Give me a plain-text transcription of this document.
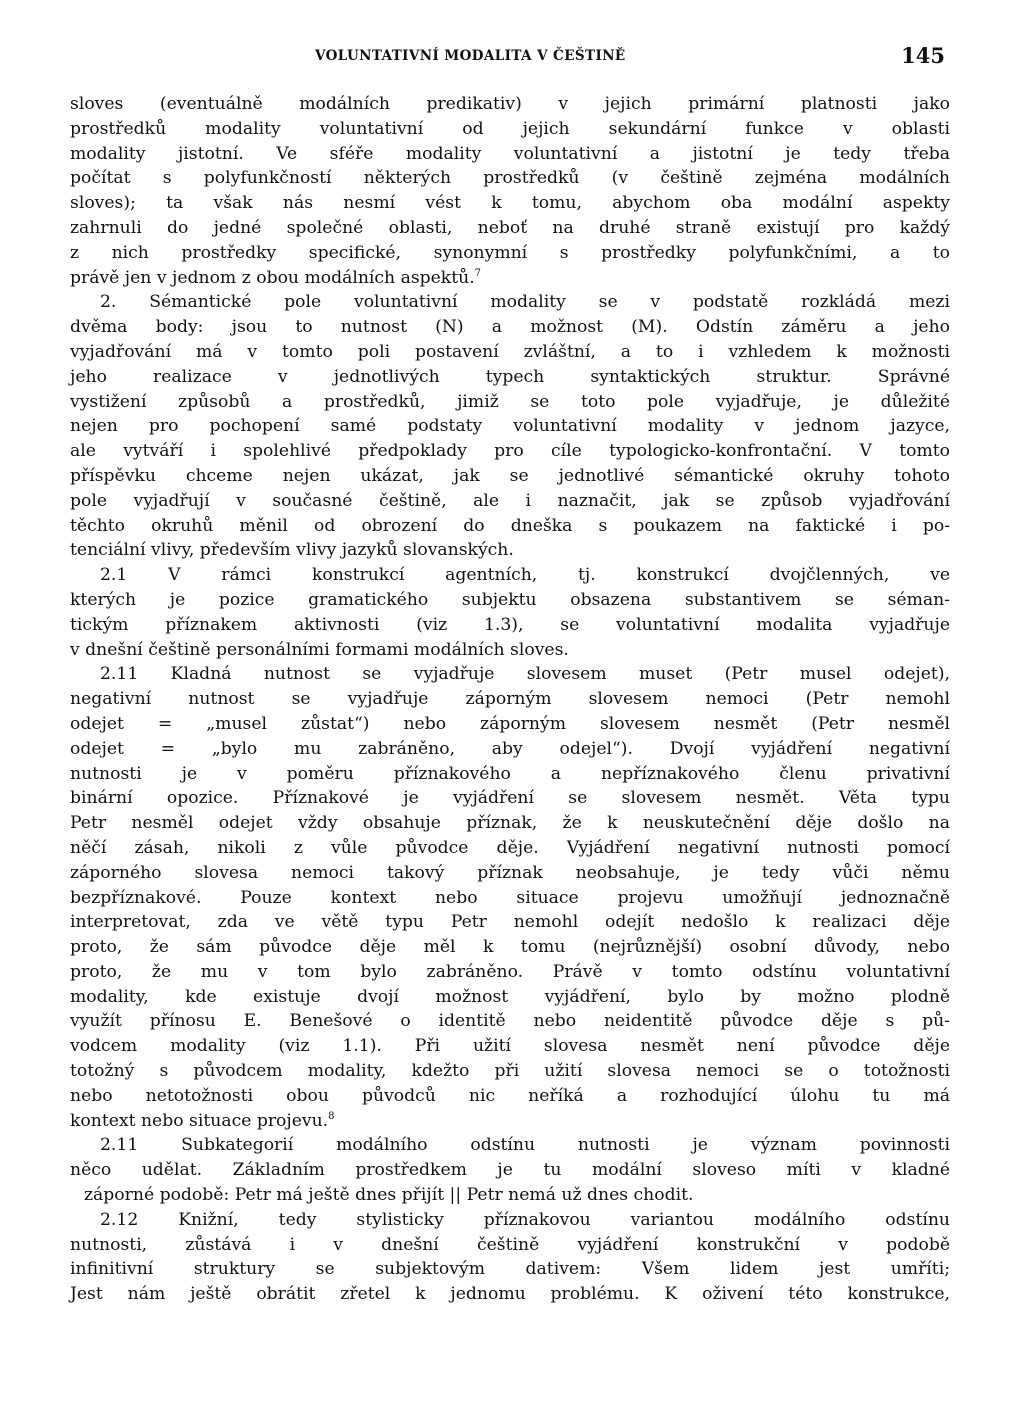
VOLUNTATIVNÍ MODALITA V ČEŠTINĚ	145
sloves (eventuálně modálních predikativ) v jejich primární platnosti jako
prostředků modality voluntativní od jejich sekundární funkce v oblasti
modality jistotní. Ve sféře modality voluntativní a jistotní je tedy třeba
počítat s polyfunkčností některých prostředků (v češtině zejména modálních
sloves); ta však nás nesmí vést k tomu, abychom oba modální aspekty
zahrnuli do jedné společné oblasti, neboť na druhé straně existují pro každý
z nich prostředky specifické, synonymní s prostředky polyfunkčními, a to
právě jen v jednom z obou modálních aspektů.$^7$
2. Sémantické pole voluntativní modality se v podstatě rozkládá mezi
dvěma body: jsou to nutnost (N) a možnost (M). Odstín záměru a jeho
vyjadřování má v tomto poli postavení zvláštní, a to i vzhledem k možnosti
jeho realizace v jednotlivých typech syntaktických struktur. Správné
vystižení způsobů a prostředků, jimiž se toto pole vyjadřuje, je důležité
nejen pro pochopení samé podstaty voluntativní modality v jednom jazyce,
ale vytváří i spolehlivé předpoklady pro cíle typologicko-konfrontační. V tomto
příspěvku chceme nejen ukázat, jak se jednotlivé sémantické okruhy tohoto
pole vyjadřují v současné češtině, ale i naznačit, jak se způsob vyjadřování
těchto okruhů měnil od obrození do dneška s poukazem na faktické i po-
tenciální vlivy, především vlivy jazyků slovanských.
2.1 V rámci konstrukcí agentních, tj. konstrukcí dvojčlenných, ve
kterých je pozice gramatického subjektu obsazena substantivem se séman-
tickým příznakem aktivnosti (viz 1.3), se voluntativní modalita vyjadřuje
v dnešní češtině personálními formami modálních sloves.
2.11 Kladná nutnost se vyjadřuje slovesem muset (Petr musel odejet),
negativní nutnost se vyjadřuje záporným slovesem nemoci (Petr nemohl
odejet = „musel zůstat“) nebo záporným slovesem nesmět (Petr nesměl
odejet = „bylo mu zabráněno, aby odejel“). Dvojí vyjádření negativní
nutnosti je v poměru příznakového a nepříznakového členu privativní
binární opozice. Příznakové je vyjádření se slovesem nesmět. Věta typu
Petr nesměl odejet vždy obsahuje příznak, že k neuskutečnění děje došlo na
něčí zásah, nikoli z vůle původce děje. Vyjádření negativní nutnosti pomocí
záporného slovesa nemoci takový příznak neobsahuje, je tedy vůči němu
bezpříznakové. Pouze kontext nebo situace projevu umožňují jednoznačně
interpretovat, zda ve větě typu Petr nemohl odejít nedošlo k realizaci děje
proto, že sám původce děje měl k tomu (nejrůznější) osobní důvody, nebo
proto, že mu v tom bylo zabráněno. Právě v tomto odstínu voluntativní
modality, kde existuje dvojí možnost vyjádření, bylo by možno plodně
využít přínosu E. Benešové o identitě nebo neidentitě původce děje s pů-
vodcem modality (viz 1.1). Při užití slovesa nesmět není původce děje
totožný s původcem modality, kdežto při užití slovesa nemoci se o totožnosti
nebo netotožnosti obou původců nic neříká a rozhodující úlohu tu má
kontext nebo situace projevu.$^8$
2.11 Subkategorií modálního odstínu nutnosti je význam povinnosti
něco udělat. Základním prostředkem je tu modální sloveso míti v kladné
záporné podobě: Petr má ještě dnes přijít || Petr nemá už dnes chodit.
2.12 Knižní, tedy stylisticky příznakovou variantou modálního odstínu
nutnosti, zůstává i v dnešní češtině vyjádření konstrukční v podobě
infinitivní struktury se subjektovým dativem: Všem lidem jest umříti;
Jest nám ještě obrátit zřetel k jednomu problému. K oživení této konstrukce,
